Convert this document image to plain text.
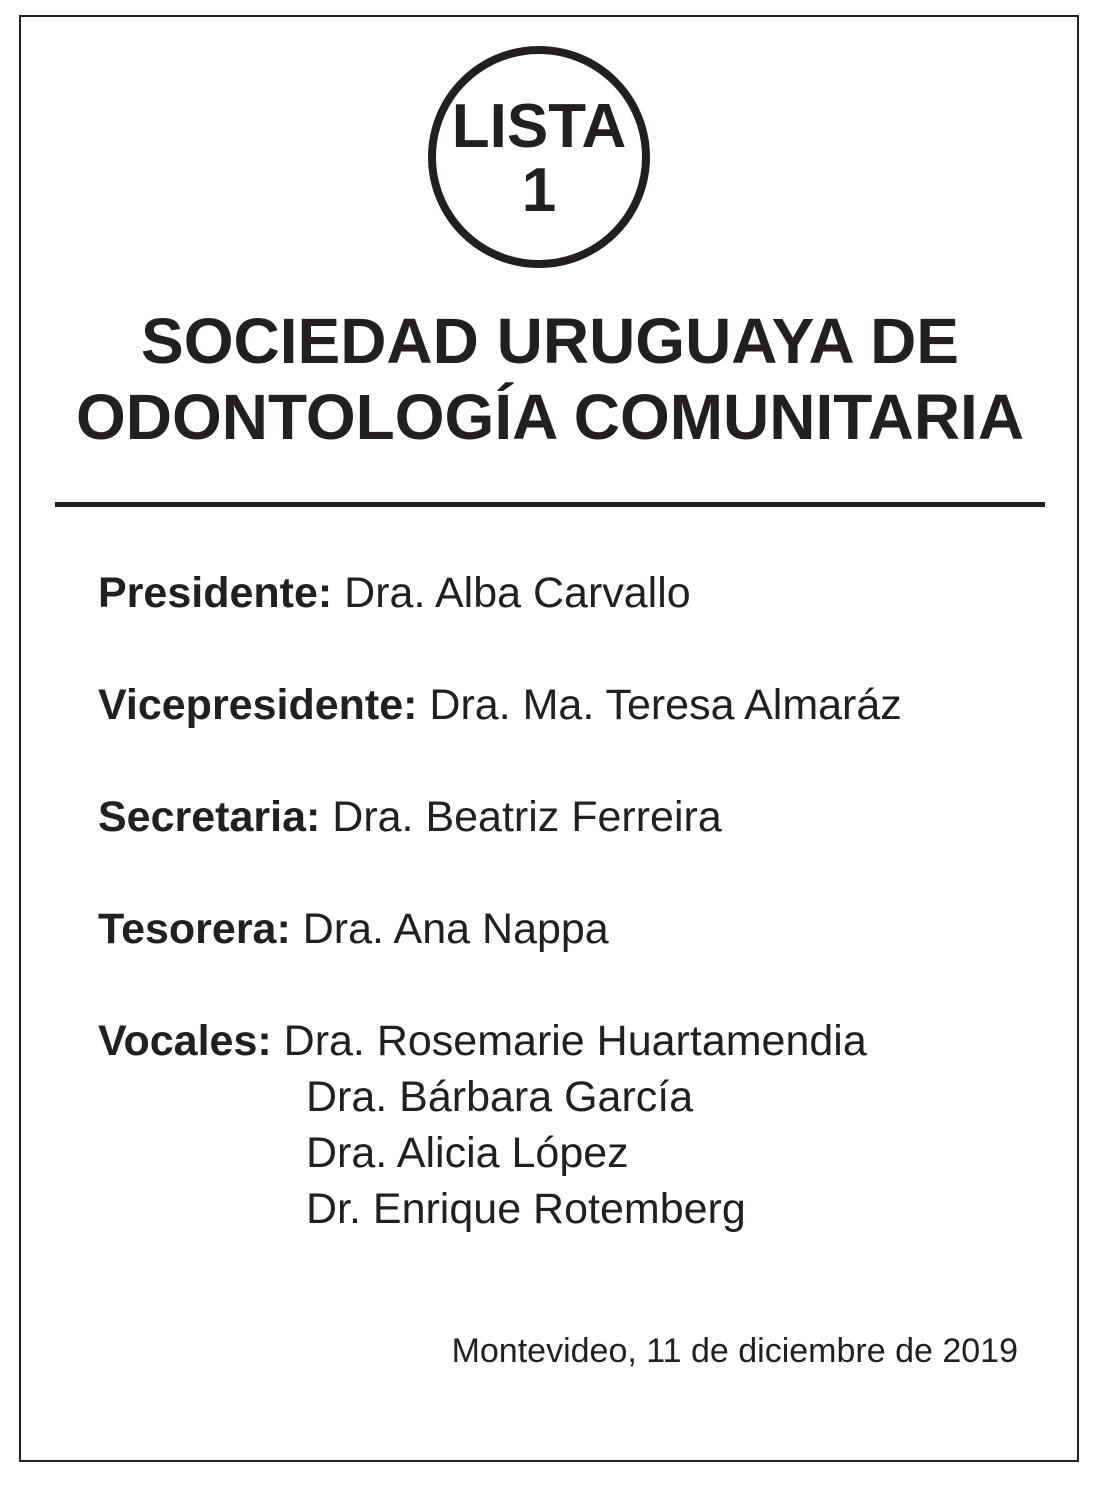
LISTA
1
SOCIEDAD URUGUAYA DE
ODONTOLOGÍA COMUNITARIA
Presidente: Dra. Alba Carvallo
Vicepresidente: Dra. Ma. Teresa Almaráz
Secretaria: Dra. Beatriz Ferreira
Tesorera: Dra. Ana Nappa
Vocales: Dra. Rosemarie Huartamendia
Dra. Bárbara García
Dra. Alicia López
Dr. Enrique Rotemberg
Montevideo, 11 de diciembre de 2019
